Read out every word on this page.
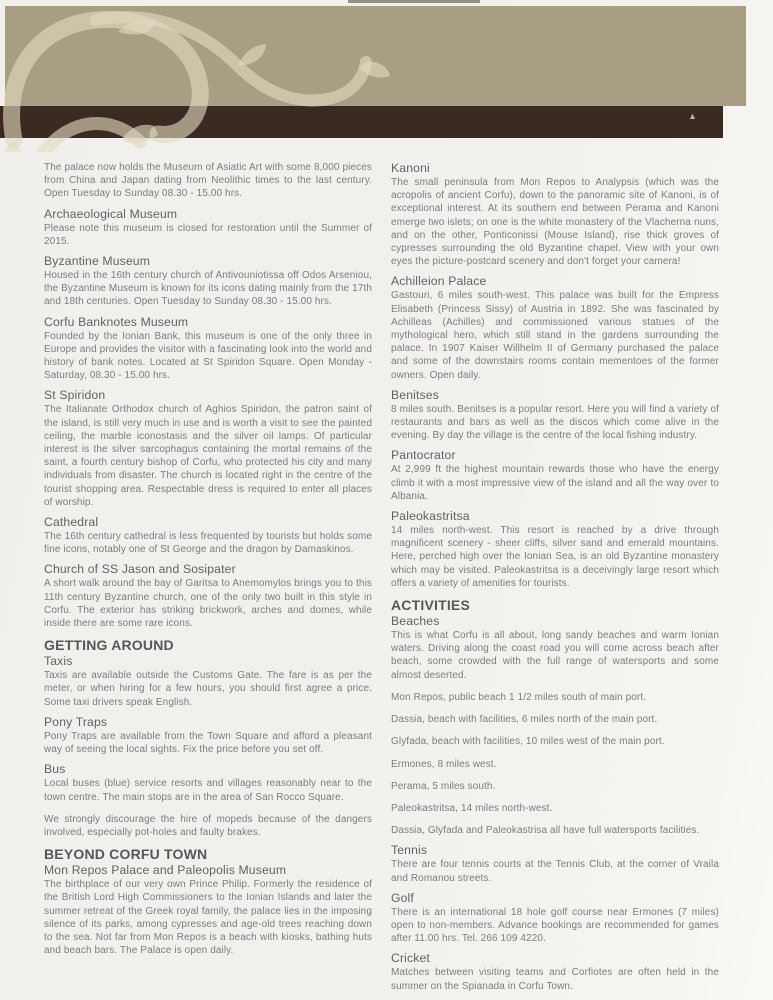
▲

The palace now holds the Museum of Asiatic Art with some 8,000 pieces from China and Japan dating from Neolithic times to the last century. Open Tuesday to Sunday 08.30 - 15.00 hrs.

Archaeological Museum

Please note this museum is closed for restoration until the Summer of 2015.

Byzantine Museum

Housed in the 16th century church of Antivouniotissa off Odos Arseniou, the Byzantine Museum is known for its icons dating mainly from the 17th and 18th centuries. Open Tuesday to Sunday 08.30 - 15.00 hrs.

Corfu Banknotes Museum

Founded by the Ionian Bank, this museum is one of the only three in Europe and provides the visitor with a fascinating look into the world and history of bank notes. Located at St Spiridon Square. Open Monday - Saturday, 08.30 - 15.00 hrs.

St Spiridon

The Italianate Orthodox church of Aghios Spiridon, the patron saint of the island, is still very much in use and is worth a visit to see the painted ceiling, the marble iconostasis and the silver oil lamps. Of particular interest is the silver sarcophagus containing the mortal remains of the saint, a fourth century bishop of Corfu, who protected his city and many individuals from disaster. The church is located right in the centre of the tourist shopping area. Respectable dress is required to enter all places of worship.

Cathedral

The 16th century cathedral is less frequented by tourists but holds some fine icons, notably one of St George and the dragon by Damaskinos.

Church of SS Jason and Sosipater

A short walk around the bay of Garitsa to Anemomylos brings you to this 11th century Byzantine church, one of the only two built in this style in Corfu. The exterior has striking brickwork, arches and domes, while inside there are some rare icons.

GETTING AROUND
Taxis

Taxis are available outside the Customs Gate. The fare is as per the meter, or when hiring for a few hours, you should first agree a price. Some taxi drivers speak English.

Pony Traps

Pony Traps are available from the Town Square and afford a pleasant way of seeing the local sights. Fix the price before you set off.

Bus

Local buses (blue) service resorts and villages reasonably near to the town centre. The main stops are in the area of San Rocco Square.

We strongly discourage the hire of mopeds because of the dangers involved, especially pot-holes and faulty brakes.

BEYOND CORFU TOWN
Mon Repos Palace and Paleopolis Museum

The birthplace of our very own Prince Philip. Formerly the residence of the British Lord High Commissioners to the Ionian Islands and later the summer retreat of the Greek royal family, the palace lies in the imposing silence of its parks, among cypresses and age-old trees reaching down to the sea. Not far from Mon Repos is a beach with kiosks, bathing huts and beach bars. The Palace is open daily.

Kanoni

The small peninsula from Mon Repos to Analypsis (which was the acropolis of ancient Corfu), down to the panoramic site of Kanoni, is of exceptional interest. At its southern end between Perama and Kanoni emerge two islets; on one is the white monastery of the Vlacherna nuns, and on the other, Ponticonissi (Mouse Island), rise thick groves of cypresses surrounding the old Byzantine chapel. View with your own eyes the picture-postcard scenery and don't forget your camera!

Achilleion Palace

Gastouri, 6 miles south-west. This palace was built for the Empress Elisabeth (Princess Sissy) of Austria in 1892. She was fascinated by Achilleas (Achilles) and commissioned various statues of the mythological hero, which still stand in the gardens surrounding the palace. In 1907 Kaiser Willhelm II of Germany purchased the palace and some of the downstairs rooms contain mementoes of the former owners. Open daily.

Benitses

8 miles south. Benitses is a popular resort. Here you will find a variety of restaurants and bars as well as the discos which come alive in the evening. By day the village is the centre of the local fishing industry.

Pantocrator

At 2,999 ft the highest mountain rewards those who have the energy climb it with a most impressive view of the island and all the way over to Albania.

Paleokastritsa

14 miles north-west. This resort is reached by a drive through magnificent scenery - sheer cliffs, silver sand and emerald mountains. Here, perched high over the Ionian Sea, is an old Byzantine monastery which may be visited. Paleokastritsa is a deceivingly large resort which offers a variety of amenities for tourists.

ACTIVITIES
Beaches

This is what Corfu is all about, long sandy beaches and warm Ionian waters. Driving along the coast road you will come across beach after beach, some crowded with the full range of watersports and some almost deserted.

Mon Repos, public beach 1 1/2 miles south of main port.

Dassia, beach with facilities, 6 miles north of the main port.

Glyfada, beach with facilities, 10 miles west of the main port.

Ermones, 8 miles west.

Perama, 5 miles south.

Paleokastritsa, 14 miles north-west.

Dassia, Glyfada and Paleokastrisa all have full watersports facilities.

Tennis

There are four tennis courts at the Tennis Club, at the corner of Vraila and Romanou streets.

Golf

There is an international 18 hole golf course near Ermones (7 miles) open to non-members. Advance bookings are recommended for games after 11.00 hrs. Tel. 266 109 4220.

Cricket

Matches between visiting teams and Corfiotes are often held in the summer on the Spianada in Corfu Town.
